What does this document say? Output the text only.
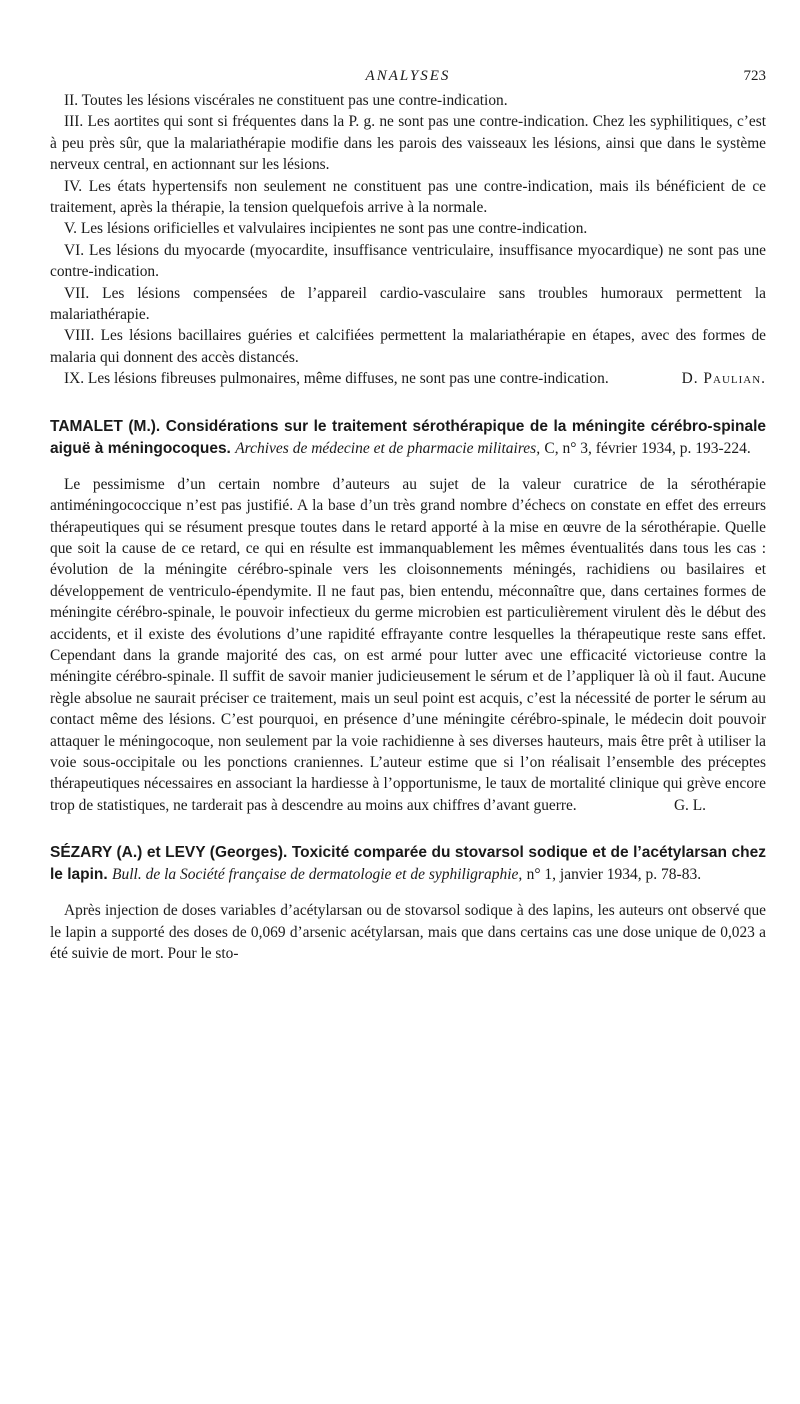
ANALYSES	723

II. Toutes les lésions viscérales ne constituent pas une contre-indication.

III. Les aortites qui sont si fréquentes dans la P. g. ne sont pas une contre-indication. Chez les syphilitiques, c’est à peu près sûr, que la malariathérapie modifie dans les parois des vaisseaux les lésions, ainsi que dans le système nerveux central, en actionnant sur les lésions.

IV. Les états hypertensifs non seulement ne constituent pas une contre-indication, mais ils bénéficient de ce traitement, après la thérapie, la tension quelquefois arrive à la normale.

V. Les lésions orificielles et valvulaires incipientes ne sont pas une contre-indication.

VI. Les lésions du myocarde (myocardite, insuffisance ventriculaire, insuffisance myocardique) ne sont pas une contre-indication.

VII. Les lésions compensées de l’appareil cardio-vasculaire sans troubles humoraux permettent la malariathérapie.

VIII. Les lésions bacillaires guéries et calcifiées permettent la malariathérapie en étapes, avec des formes de malaria qui donnent des accès distancés.

IX. Les lésions fibreuses pulmonaires, même diffuses, ne sont pas une contre-indication.	D. Paulian.

TAMALET (M.). Considérations sur le traitement sérothérapique de la méningite cérébro-spinale aiguë à méningocoques. Archives de médecine et de pharmacie militaires, C, n° 3, février 1934, p. 193-224.

Le pessimisme d’un certain nombre d’auteurs au sujet de la valeur curatrice de la sérothérapie antiméningococcique n’est pas justifié. A la base d’un très grand nombre d’échecs on constate en effet des erreurs thérapeutiques qui se résument presque toutes dans le retard apporté à la mise en œuvre de la sérothérapie. Quelle que soit la cause de ce retard, ce qui en résulte est immanquablement les mêmes éventualités dans tous les cas : évolution de la méningite cérébro-spinale vers les cloisonnements méningés, rachidiens ou basilaires et développement de ventriculo-épendymite. Il ne faut pas, bien entendu, méconnaître que, dans certaines formes de méningite cérébro-spinale, le pouvoir infectieux du germe microbien est particulièrement virulent dès le début des accidents, et il existe des évolutions d’une rapidité effrayante contre lesquelles la thérapeutique reste sans effet. Cependant dans la grande majorité des cas, on est armé pour lutter avec une efficacité victorieuse contre la méningite cérébro-spinale. Il suffit de savoir manier judicieusement le sérum et de l’appliquer là où il faut. Aucune règle absolue ne saurait préciser ce traitement, mais un seul point est acquis, c’est la nécessité de porter le sérum au contact même des lésions. C’est pourquoi, en présence d’une méningite cérébro-spinale, le médecin doit pouvoir attaquer le méningocoque, non seulement par la voie rachidienne à ses diverses hauteurs, mais être prêt à utiliser la voie sous-occipitale ou les ponctions craniennes. L’auteur estime que si l’on réalisait l’ensemble des préceptes thérapeutiques nécessaires en associant la hardiesse à l’opportunisme, le taux de mortalité clinique qui grève encore trop de statistiques, ne tarderait pas à descendre au moins aux chiffres d’avant guerre.	G. L.

SÉZARY (A.) et LEVY (Georges). Toxicité comparée du stovarsol sodique et de l’acétylarsan chez le lapin. Bull. de la Société française de dermatologie et de syphiligraphie, n° 1, janvier 1934, p. 78-83.

Après injection de doses variables d’acétylarsan ou de stovarsol sodique à des lapins, les auteurs ont observé que le lapin a supporté des doses de 0,069 d’arsenic acétylarsan, mais que dans certains cas une dose unique de 0,023 a été suivie de mort. Pour le sto-
